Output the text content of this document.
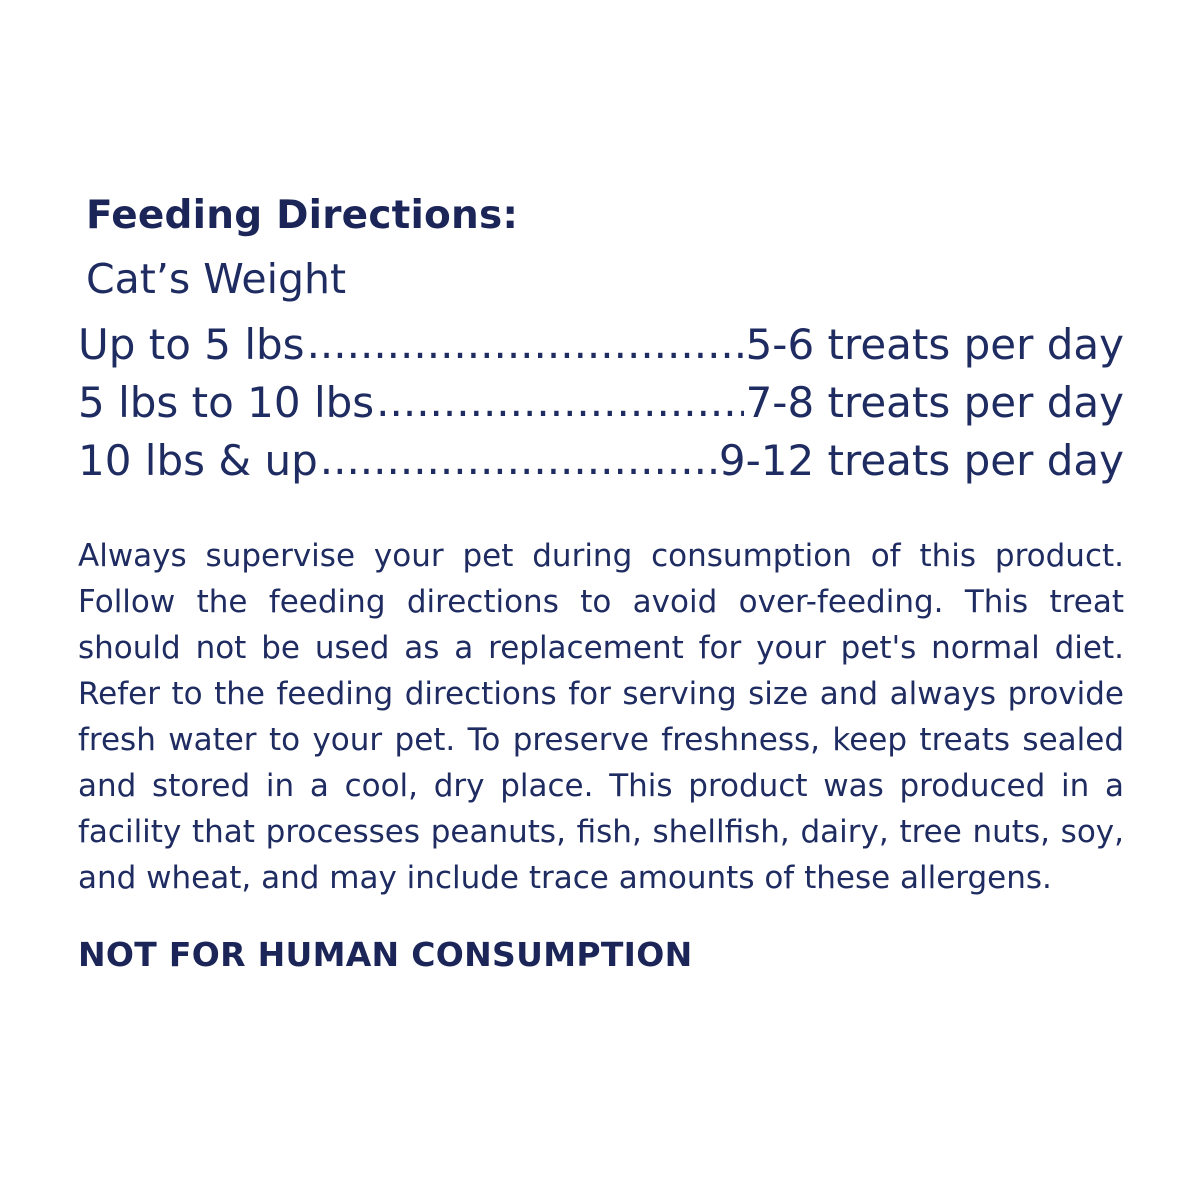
Feeding Directions:
Cat’s Weight
Up to 5 lbs .....	5-6 treats per day
5 lbs to 10 lbs .....	7-8 treats per day
10 lbs & up .....	9-12 treats per day

Always supervise your pet during consumption of this product. Follow the feeding directions to avoid over-feeding. This treat should not be used as a replacement for your pet's normal diet. Refer to the feeding directions for serving size and always provide fresh water to your pet. To preserve freshness, keep treats sealed and stored in a cool, dry place. This product was produced in a facility that processes peanuts, fish, shellfish, dairy, tree nuts, soy, and wheat, and may include trace amounts of these allergens.

NOT FOR HUMAN CONSUMPTION
